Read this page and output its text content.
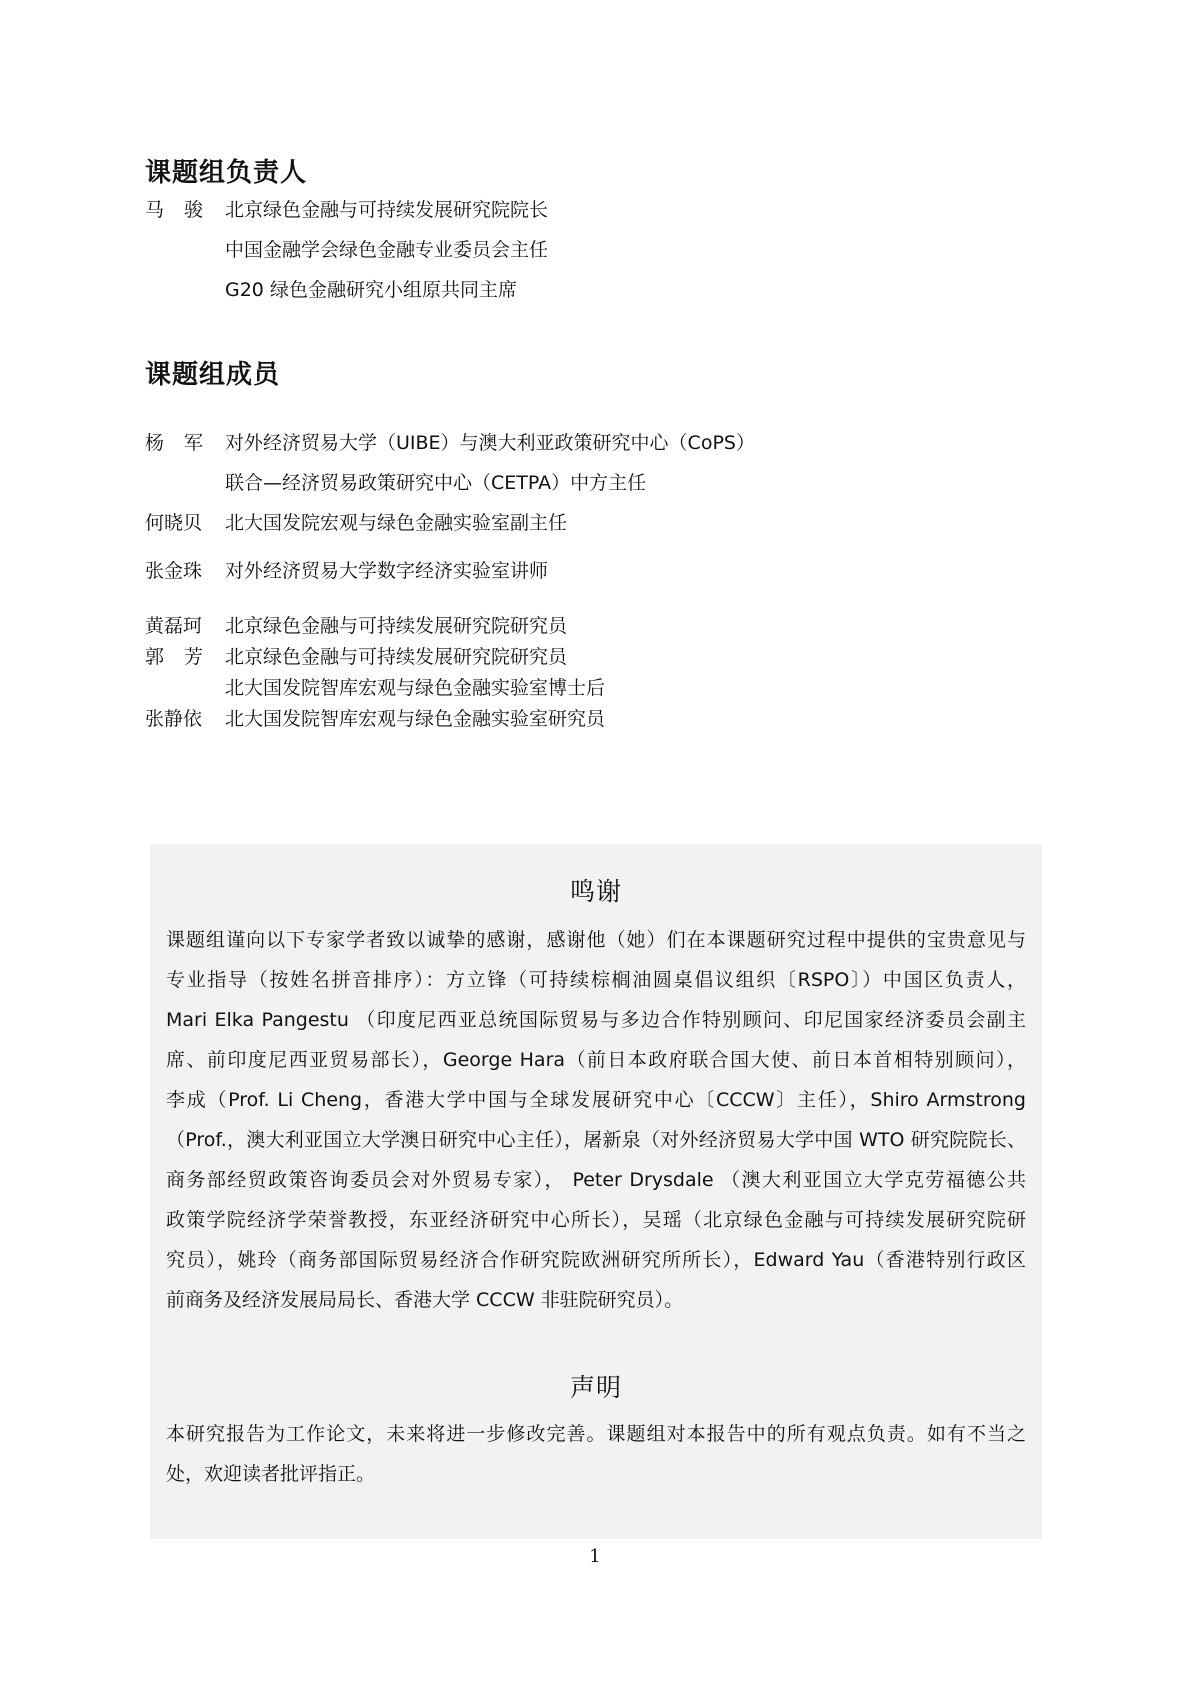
课题组负责人
马骏 北京绿色金融与可持续发展研究院院长
中国金融学会绿色金融专业委员会主任
G20 绿色金融研究小组原共同主席
课题组成员
杨军 对外经济贸易大学（UIBE）与澳大利亚政策研究中心（CoPS）
联合—经济贸易政策研究中心（CETPA）中方主任
何晓贝 北大国发院宏观与绿色金融实验室副主任
张金珠 对外经济贸易大学数字经济实验室讲师
黄磊珂 北京绿色金融与可持续发展研究院研究员
郭芳 北京绿色金融与可持续发展研究院研究员
北大国发院智库宏观与绿色金融实验室博士后
张静依 北大国发院智库宏观与绿色金融实验室研究员
鸣谢
课题组谨向以下专家学者致以诚挚的感谢，感谢他（她）们在本课题研究过程中提供的宝贵意见与
专业指导（按姓名拼音排序）：方立锋（可持续棕榈油圆桌倡议组织〔RSPO〕）中国区负责人，
Mari Elka Pangestu （印度尼西亚总统国际贸易与多边合作特别顾问、印尼国家经济委员会副主
席、前印度尼西亚贸易部长），George Hara（前日本政府联合国大使、前日本首相特别顾问），
李成（Prof. Li Cheng，香港大学中国与全球发展研究中心〔CCCW〕主任），Shiro Armstrong
（Prof.，澳大利亚国立大学澳日研究中心主任），屠新泉（对外经济贸易大学中国 WTO 研究院院长、
商务部经贸政策咨询委员会对外贸易专家）， Peter Drysdale （澳大利亚国立大学克劳福德公共
政策学院经济学荣誉教授，东亚经济研究中心所长），吴瑶（北京绿色金融与可持续发展研究院研
究员），姚玲（商务部国际贸易经济合作研究院欧洲研究所所长），Edward Yau（香港特别行政区
前商务及经济发展局局长、香港大学 CCCW 非驻院研究员）。
声明
本研究报告为工作论文，未来将进一步修改完善。课题组对本报告中的所有观点负责。如有不当之
处，欢迎读者批评指正。
1
